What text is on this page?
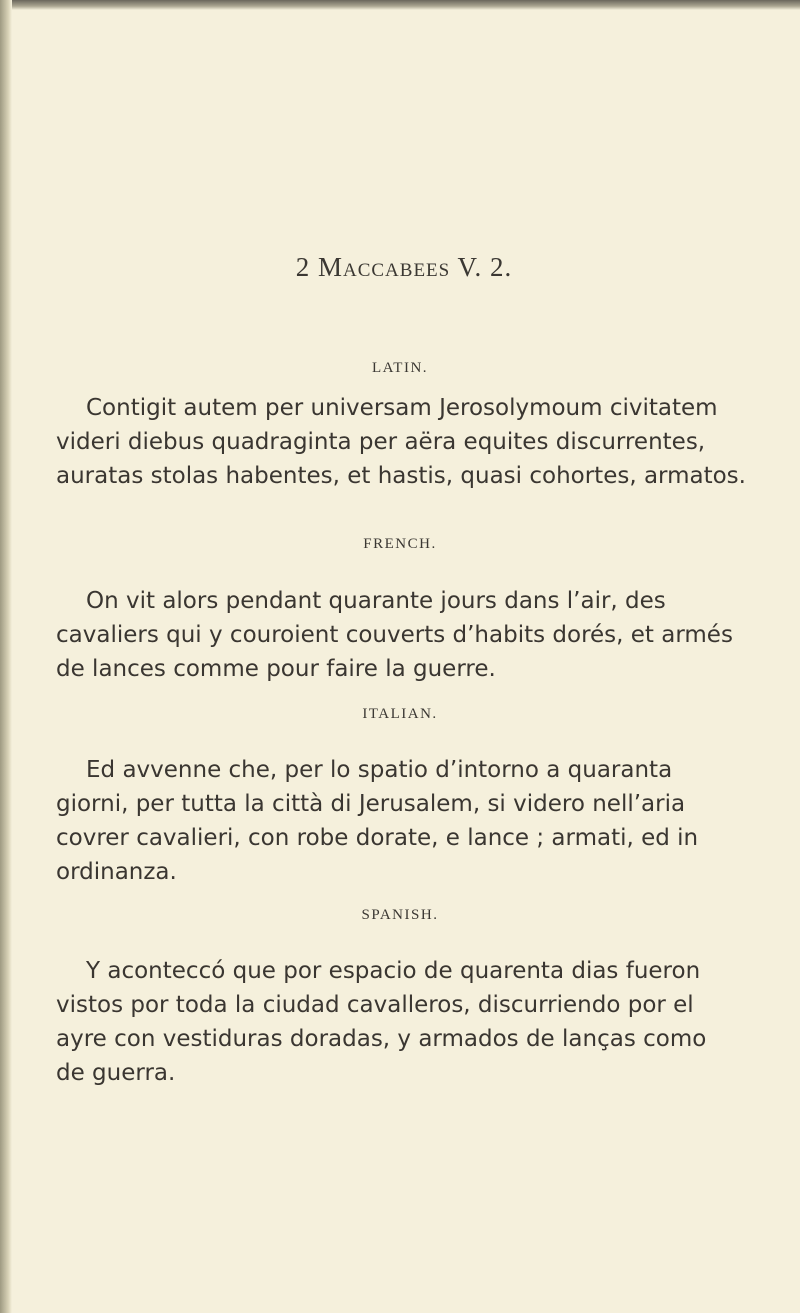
2 Maccabees V. 2.
LATIN.

Contigit autem per universam Jerosolymoum civitatem
videri diebus quadraginta per aëra equites discurrentes,
auratas stolas habentes, et hastis, quasi cohortes, armatos.

FRENCH.

On vit alors pendant quarante jours dans l’air, des
cavaliers qui y couroient couverts d’habits dorés, et armés
de lances comme pour faire la guerre.

ITALIAN.

Ed avvenne che, per lo spatio d’intorno a quaranta
giorni, per tutta la città di Jerusalem, si videro nell’aria
covrer cavalieri, con robe dorate, e lance ; armati, ed in
ordinanza.

SPANISH.

Y aconteccó que por espacio de quarenta dias fueron
vistos por toda la ciudad cavalleros, discurriendo por el
ayre con vestiduras doradas, y armados de lanças como
de guerra.
